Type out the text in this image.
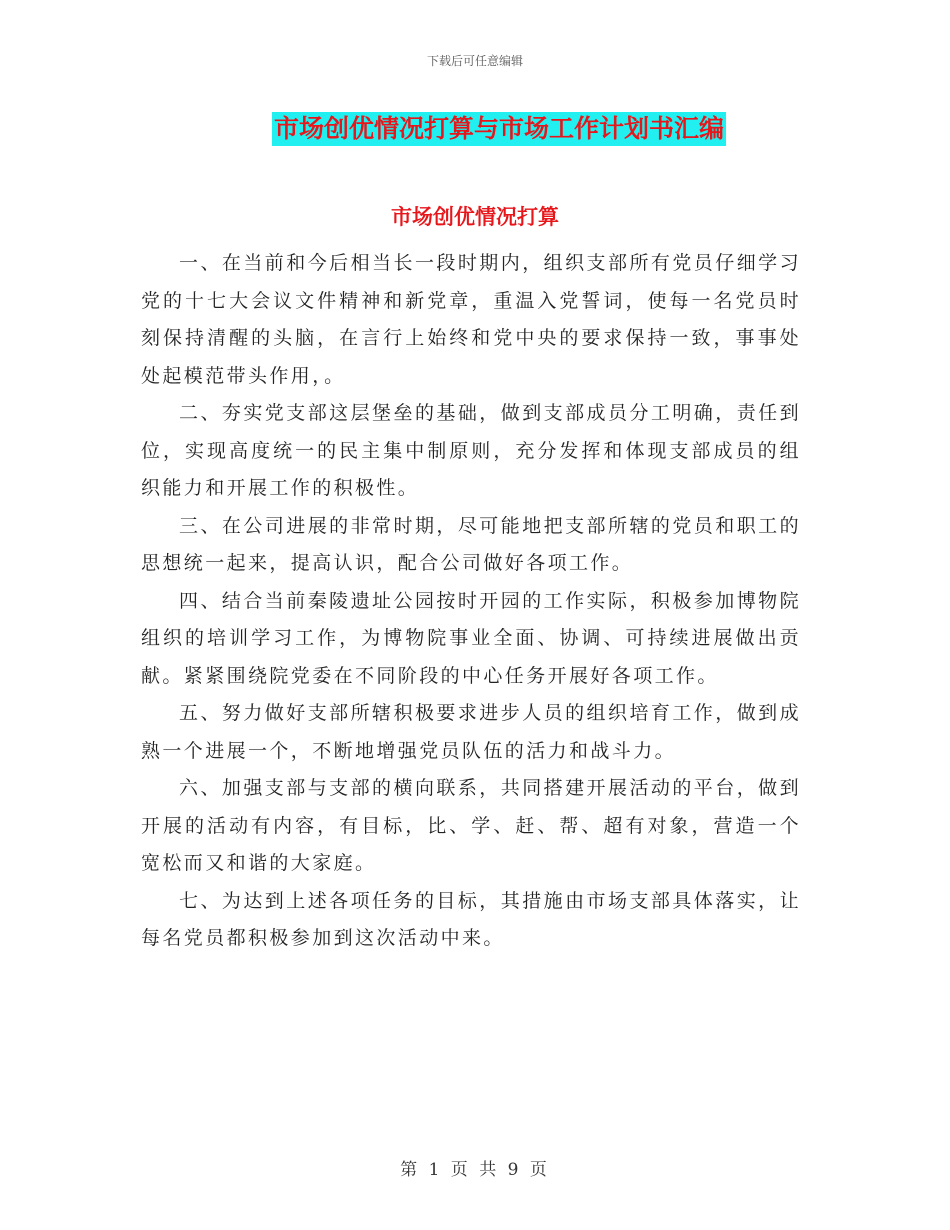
下载后可任意编辑
市场创优情况打算与市场工作计划书汇编
市场创优情况打算

一、在当前和今后相当长一段时期内，组织支部所有党员仔细学习党的十七大会议文件精神和新党章，重温入党誓词，使每一名党员时刻保持清醒的头脑，在言行上始终和党中央的要求保持一致，事事处处起模范带头作用，。

二、夯实党支部这层堡垒的基础，做到支部成员分工明确，责任到位，实现高度统一的民主集中制原则，充分发挥和体现支部成员的组织能力和开展工作的积极性。

三、在公司进展的非常时期，尽可能地把支部所辖的党员和职工的思想统一起来，提高认识，配合公司做好各项工作。

四、结合当前秦陵遗址公园按时开园的工作实际，积极参加博物院组织的培训学习工作，为博物院事业全面、协调、可持续进展做出贡献。紧紧围绕院党委在不同阶段的中心任务开展好各项工作。

五、努力做好支部所辖积极要求进步人员的组织培育工作，做到成熟一个进展一个，不断地增强党员队伍的活力和战斗力。

六、加强支部与支部的横向联系，共同搭建开展活动的平台，做到开展的活动有内容，有目标，比、学、赶、帮、超有对象，营造一个宽松而又和谐的大家庭。

七、为达到上述各项任务的目标，其措施由市场支部具体落实，让每名党员都积极参加到这次活动中来。

第 1 页 共 9 页
